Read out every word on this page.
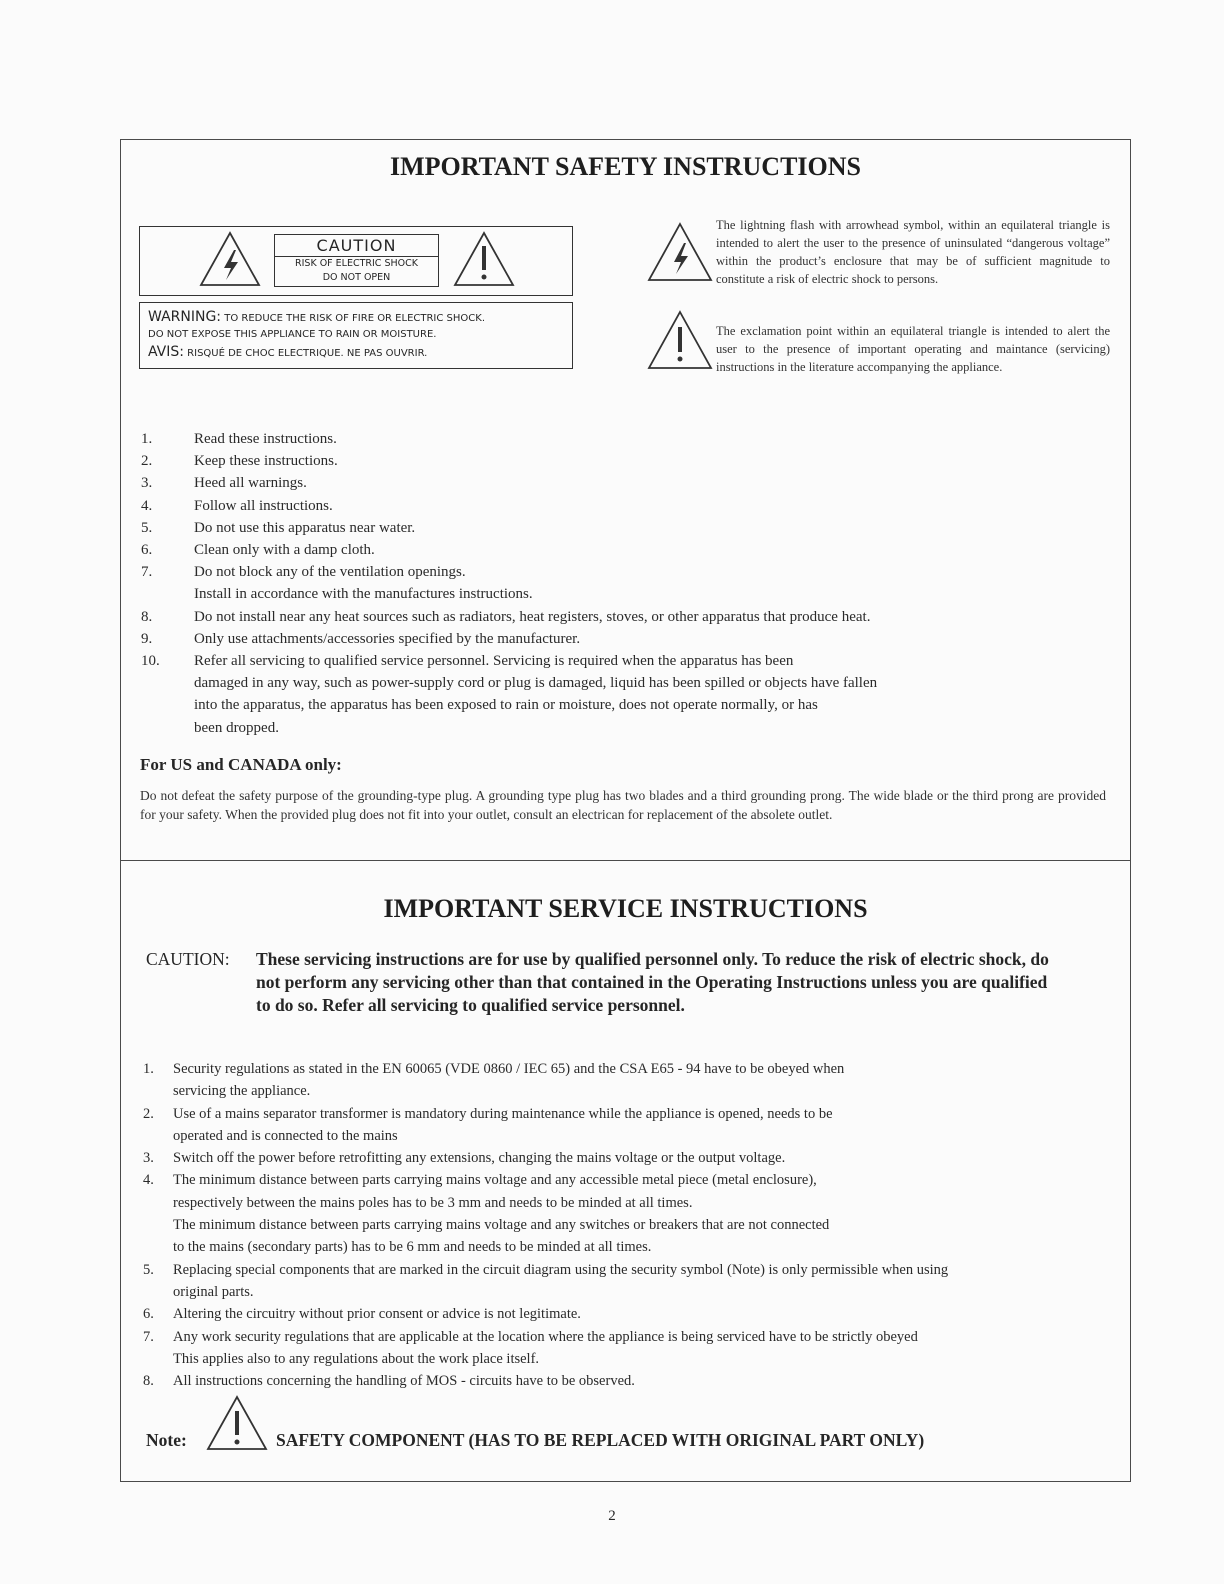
IMPORTANT SAFETY INSTRUCTIONS
CAUTION
RISK OF ELECTRIC SHOCK
DO NOT OPEN
WARNING: TO REDUCE THE RISK OF FIRE OR ELECTRIC SHOCK.
DO NOT EXPOSE THIS APPLIANCE TO RAIN OR MOISTURE.
AVIS: RISQUÉ DE CHOC ELECTRIQUE. NE PAS OUVRIR.
The lightning flash with arrowhead symbol, within an equilateral triangle is intended to alert the user to the presence of uninsulated “dangerous voltage” within the product’s enclosure that may be of sufficient magnitude to constitute a risk of electric shock to persons.
The exclamation point within an equilateral triangle is intended to alert the user to the presence of important operating and maintance (servicing) instructions in the literature accompanying the appliance.
1.	Read these instructions.
2.	Keep these instructions.
3.	Heed all warnings.
4.	Follow all instructions.
5.	Do not use this apparatus near water.
6.	Clean only with a damp cloth.
7.	Do not block any of the ventilation openings.
Install in accordance with the manufactures instructions.
8.	Do not install near any heat sources such as radiators, heat registers, stoves, or other apparatus that produce heat.
9.	Only use attachments/accessories specified by the manufacturer.
10.	Refer all servicing to qualified service personnel. Servicing is required when the apparatus has been
damaged in any way, such as power-supply cord or plug is damaged, liquid has been spilled or objects have fallen
into the apparatus, the apparatus has been exposed to rain or moisture, does not operate normally, or has
been dropped.
For US and CANADA only:
Do not defeat the safety purpose of the grounding-type plug. A grounding type plug has two blades and a third grounding prong. The wide blade or the third prong are provided for your safety. When the provided plug does not fit into your outlet, consult an electrican for replacement of the absolete outlet.
IMPORTANT SERVICE INSTRUCTIONS
CAUTION: These servicing instructions are for use by qualified personnel only. To reduce the risk of electric shock, do not perform any servicing other than that contained in the Operating Instructions unless you are qualified to do so. Refer all servicing to qualified service personnel.
1.	Security regulations as stated in the EN 60065 (VDE 0860 / IEC 65) and the CSA E65 - 94 have to be obeyed when
servicing the appliance.
2.	Use of a mains separator transformer is mandatory during maintenance while the appliance is opened, needs to be
operated and is connected to the mains
3.	Switch off the power before retrofitting any extensions, changing the mains voltage or the output voltage.
4.	The minimum distance between parts carrying mains voltage and any accessible metal piece (metal enclosure),
respectively between the mains poles has to be 3 mm and needs to be minded at all times.
The minimum distance between parts carrying mains voltage and any switches or breakers that are not connected
to the mains (secondary parts) has to be 6 mm and needs to be minded at all times.
5.	Replacing special components that are marked in the circuit diagram using the security symbol (Note) is only permissible when using
original parts.
6.	Altering the circuitry without prior consent or advice is not legitimate.
7.	Any work security regulations that are applicable at the location where the appliance is being serviced have to be strictly obeyed
This applies also to any regulations about the work place itself.
8.	All instructions concerning the handling of MOS - circuits have to be observed.
Note:	SAFETY COMPONENT (HAS TO BE REPLACED WITH ORIGINAL PART ONLY)
2
